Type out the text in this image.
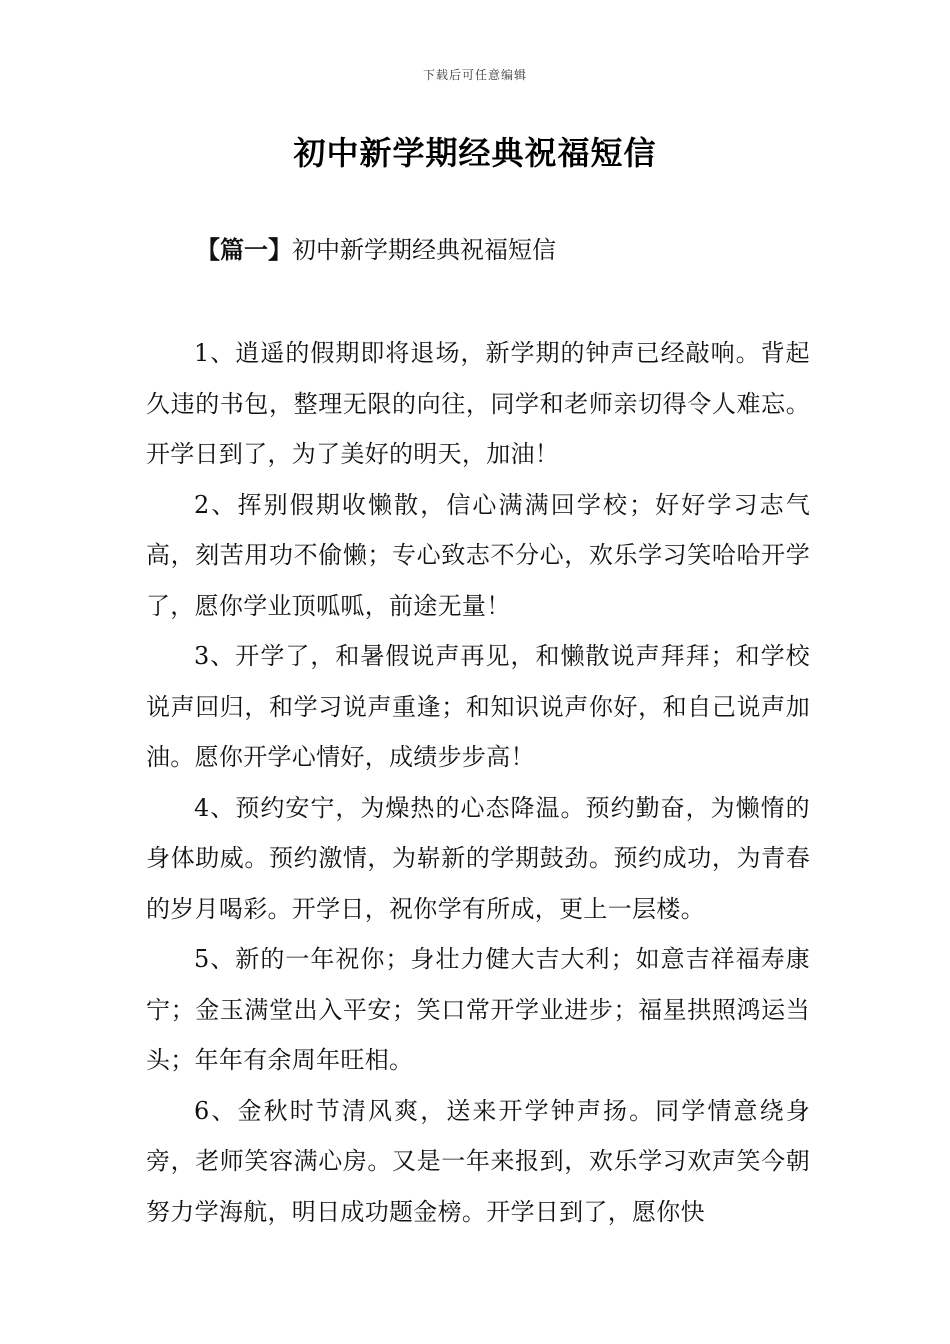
下载后可任意编辑
初中新学期经典祝福短信
【篇一】初中新学期经典祝福短信

1、逍遥的假期即将退场，新学期的钟声已经敲响。背起久违的书包，整理无限的向往，同学和老师亲切得令人难忘。开学日到了，为了美好的明天，加油！

2、挥别假期收懒散，信心满满回学校；好好学习志气高，刻苦用功不偷懒；专心致志不分心，欢乐学习笑哈哈开学了，愿你学业顶呱呱，前途无量！

3、开学了，和暑假说声再见，和懒散说声拜拜；和学校说声回归，和学习说声重逢；和知识说声你好，和自己说声加油。愿你开学心情好，成绩步步高！

4、预约安宁，为燥热的心态降温。预约勤奋，为懒惰的身体助威。预约激情，为崭新的学期鼓劲。预约成功，为青春的岁月喝彩。开学日，祝你学有所成，更上一层楼。

5、新的一年祝你；身壮力健大吉大利；如意吉祥福寿康宁；金玉满堂出入平安；笑口常开学业进步；福星拱照鸿运当头；年年有余周年旺相。

6、金秋时节清风爽，送来开学钟声扬。同学情意绕身旁，老师笑容满心房。又是一年来报到，欢乐学习欢声笑今朝努力学海航，明日成功题金榜。开学日到了，愿你快
